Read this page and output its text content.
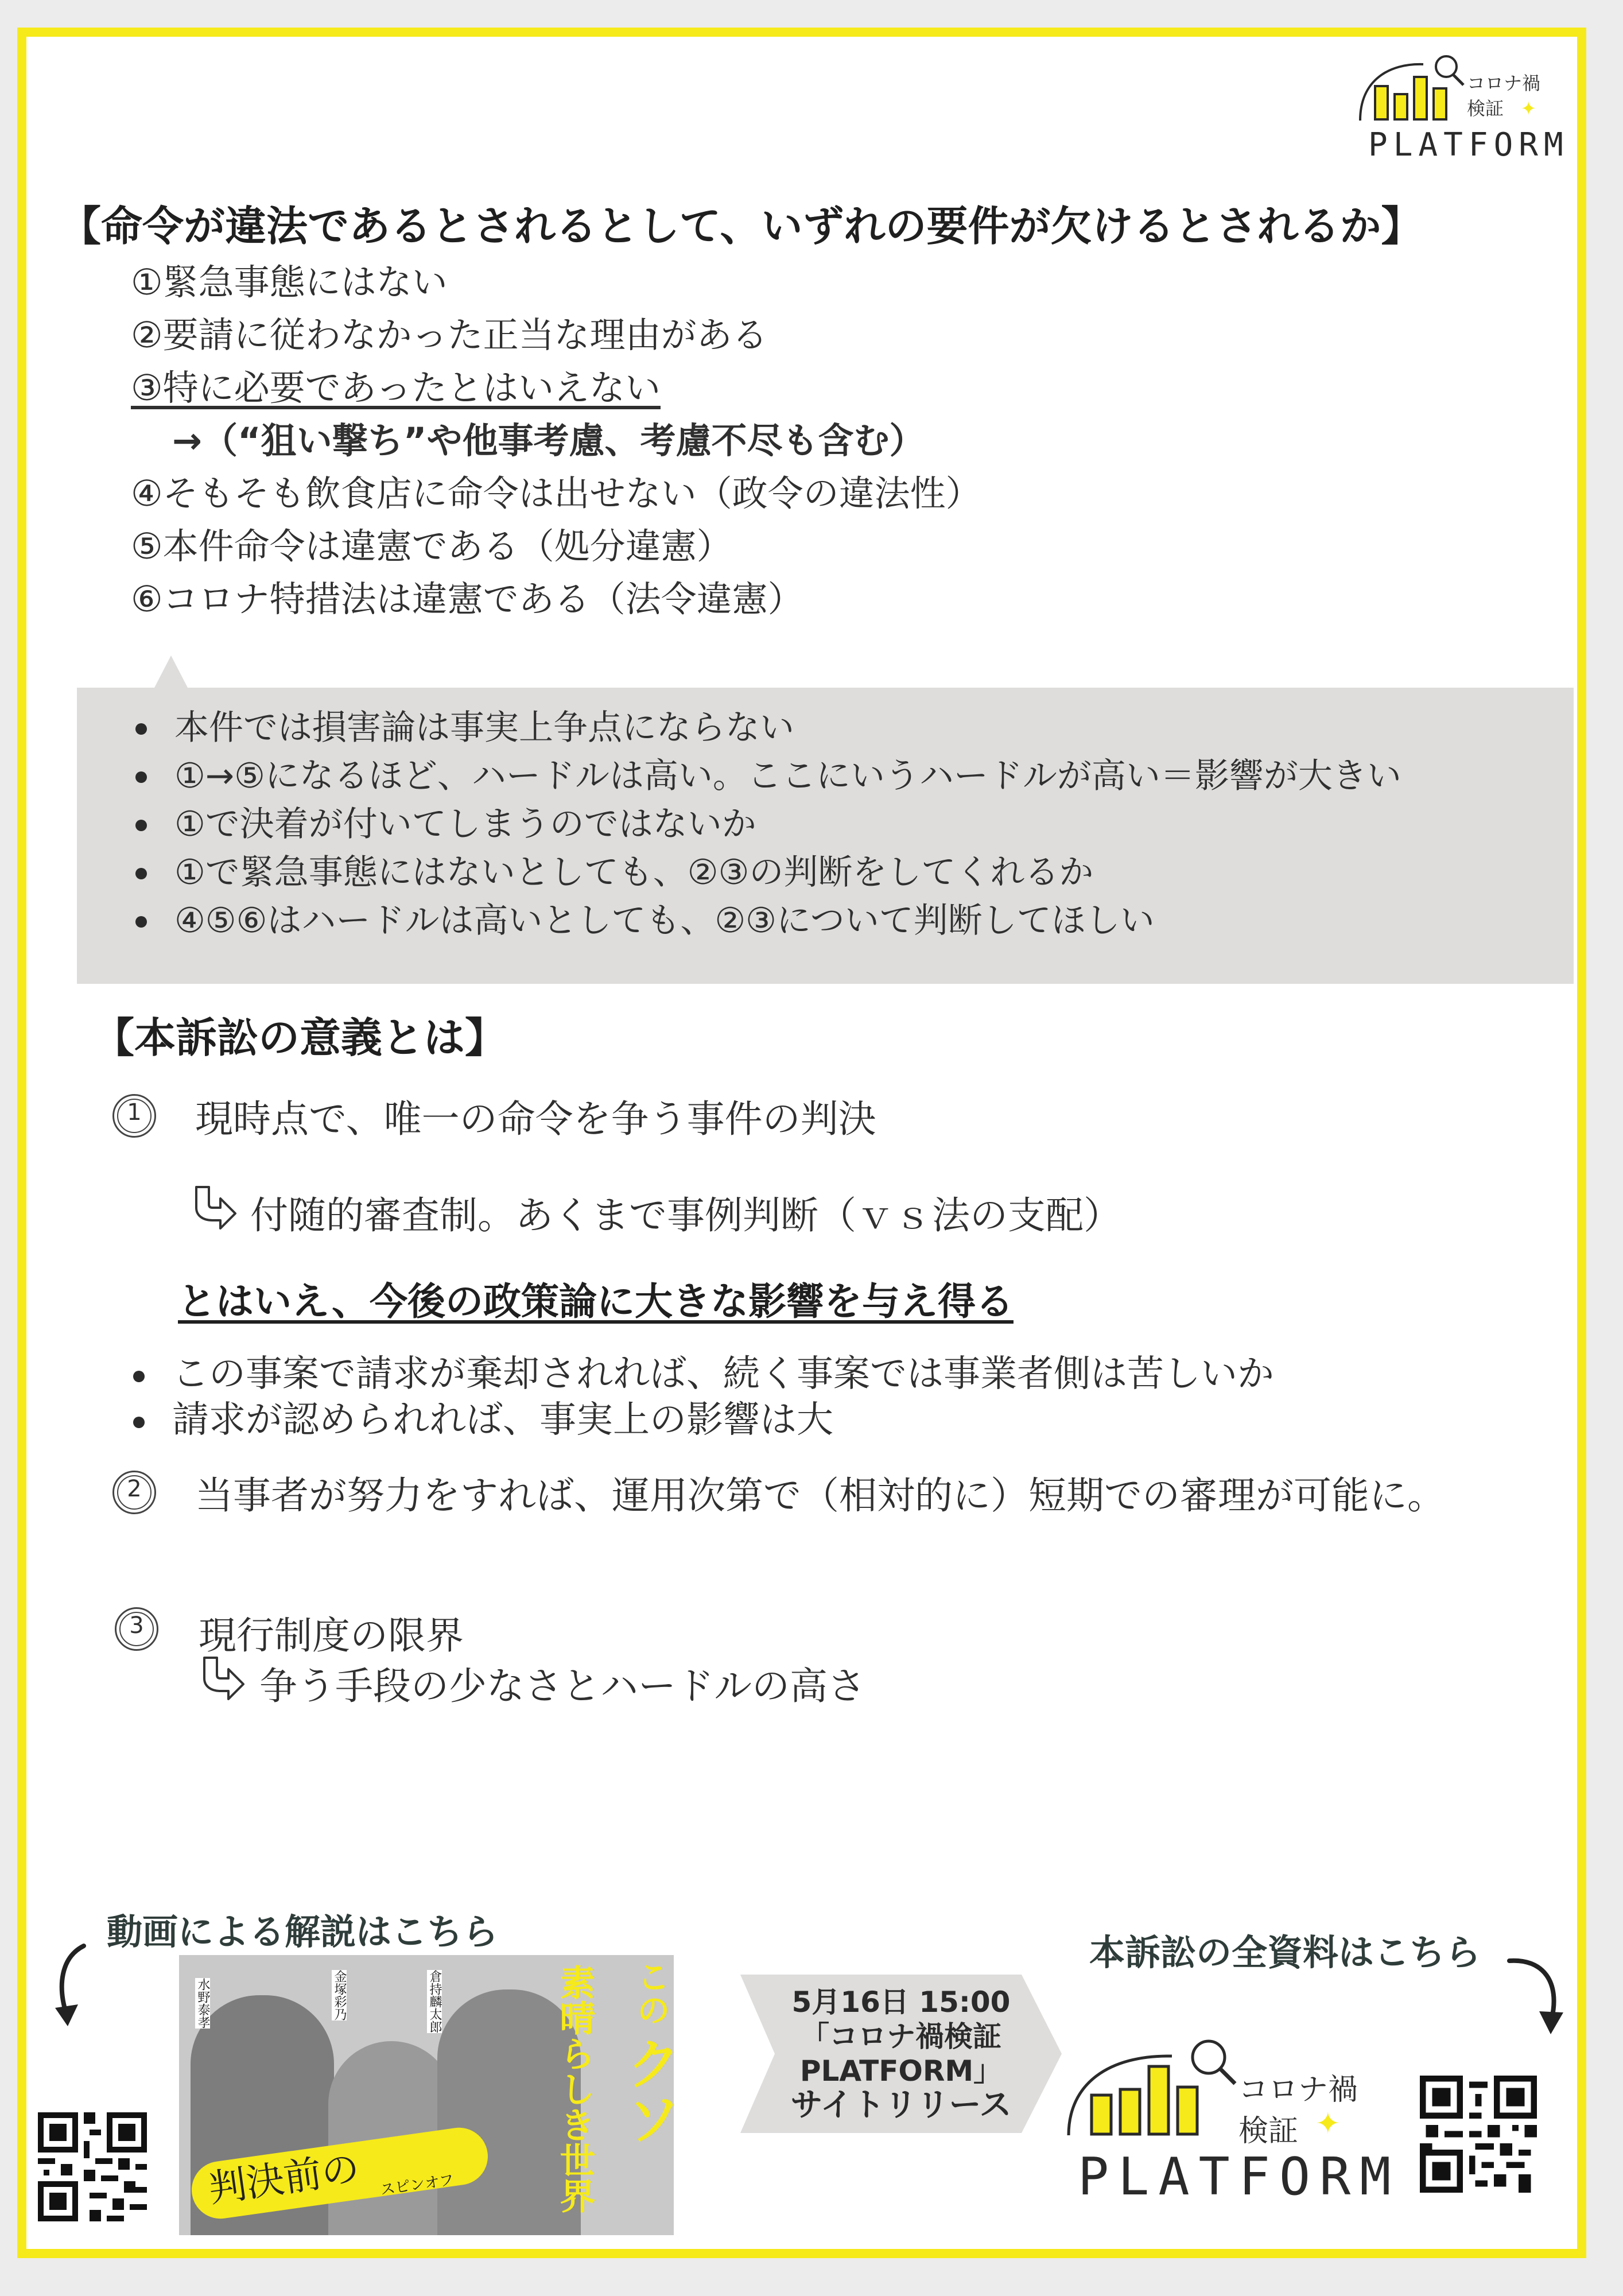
コロナ禍
検証 ✦
PLATFORM
【命令が違法であるとされるとして、いずれの要件が欠けるとされるか】
①緊急事態にはない
②要請に従わなかった正当な理由がある
③特に必要であったとはいえない
→（“狙い撃ち”や他事考慮、考慮不尽も含む）
④そもそも飲食店に命令は出せない（政令の違法性）
⑤本件命令は違憲である（処分違憲）
⑥コロナ特措法は違憲である（法令違憲）
本件では損害論は事実上争点にならない
①→⑤になるほど、ハードルは高い。ここにいうハードルが高い＝影響が大きい
①で決着が付いてしまうのではないか
①で緊急事態にはないとしても、②③の判断をしてくれるか
④⑤⑥はハードルは高いとしても、②③について判断してほしい
【本訴訟の意義とは】
1	現時点で、唯一の命令を争う事件の判決
付随的審査制。あくまで事例判断（ｖｓ法の支配）
とはいえ、今後の政策論に大きな影響を与え得る
この事案で請求が棄却されれば、続く事案では事業者側は苦しいか
請求が認められれば、事実上の影響は大
2	当事者が努力をすれば、運用次第で（相対的に）短期での審理が可能に。
3	現行制度の限界
争う手段の少なさとハードルの高さ
動画による解説はこちら
水野泰孝	金塚彩乃	倉持麟太郎	この
クソ
素晴らしき世界
判決前の スピンオフ
5月16日 15:00
「コロナ禍検証
PLATFORM」
サイトリリース
本訴訟の全資料はこちら
コロナ禍
検証 ✦
PLATFORM
